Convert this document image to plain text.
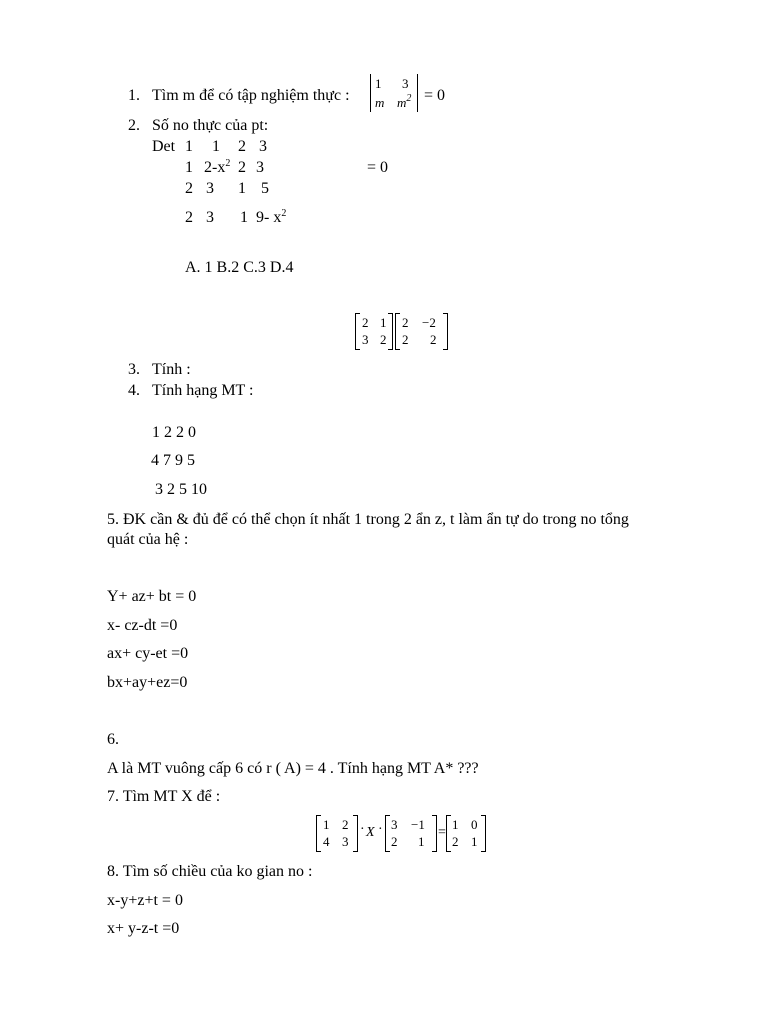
1. Tìm m để có tập nghiệm thực :
1 3
m $m^2 = 0$
2. Số no thực của pt:
Det 1 1 2 3
1 $2-x^2$ 2 3	= 0
2 3 1 5
2 3 1 9- $x^2$
A. 1 B.2 C.3 D.4
2 1
3 2
2 −2
2 2
3. Tính :
4. Tính hạng MT :
1 2 2 0
4 7 9 5
3 2 5 10
5. ĐK cần & đủ để có thể chọn ít nhất 1 trong 2 ẩn z, t làm ẩn tự do trong no tổng
quát của hệ :
Y+ az+ bt = 0
x- cz-dt =0
ax+ cy-et =0
bx+ay+ez=0
6.
A là MT vuông cấp 6 có r ( A) = 4 . Tính hạng MT A* ???
7. Tìm MT X để :
1 2
4 3
· X · 3 −1
2 1
=
1 0
2 1
8. Tìm số chiều của ko gian no :
x-y+z+t = 0
x+ y-z-t =0
